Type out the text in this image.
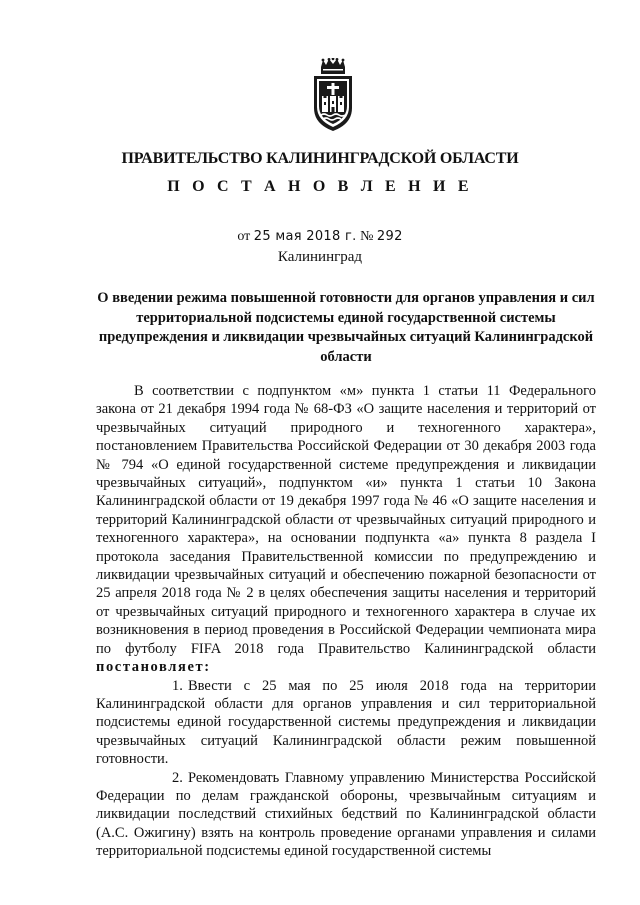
ПРАВИТЕЛЬСТВО КАЛИНИНГРАДСКОЙ ОБЛАСТИ
П О С Т А Н О В Л Е Н И Е
от 25 мая 2018 г. № 292
Калининград
О введении режима повышенной готовности для органов управления и сил территориальной подсистемы единой государственной системы предупреждения и ликвидации чрезвычайных ситуаций Калининградской области

В соответствии с подпунктом «м» пункта 1 статьи 11 Федерального закона от 21 декабря 1994 года № 68-ФЗ «О защите населения и территорий от чрезвычайных ситуаций природного и техногенного характера», постановлением Правительства Российской Федерации от 30 декабря 2003 года № 794 «О единой государственной системе предупреждения и ликвидации чрезвычайных ситуаций», подпунктом «и» пункта 1 статьи 10 Закона Калининградской области от 19 декабря 1997 года № 46 «О защите населения и территорий Калининградской области от чрезвычайных ситуаций природного и техногенного характера», на основании подпункта «а» пункта 8 раздела I протокола заседания Правительственной комиссии по предупреждению и ликвидации чрезвычайных ситуаций и обеспечению пожарной безопасности от 25 апреля 2018 года № 2 в целях обеспечения защиты населения и территорий от чрезвычайных ситуаций природного и техногенного характера в случае их возникновения в период проведения в Российской Федерации чемпионата мира по футболу FIFA 2018 года Правительство Калининградской области постановляет:

1. Ввести с 25 мая по 25 июля 2018 года на территории Калининградской области для органов управления и сил территориальной подсистемы единой государственной системы предупреждения и ликвидации чрезвычайных ситуаций Калининградской области режим повышенной готовности.

2. Рекомендовать Главному управлению Министерства Российской Федерации по делам гражданской обороны, чрезвычайным ситуациям и ликвидации последствий стихийных бедствий по Калининградской области (А.С. Ожигину) взять на контроль проведение органами управления и силами территориальной подсистемы единой государственной системы
